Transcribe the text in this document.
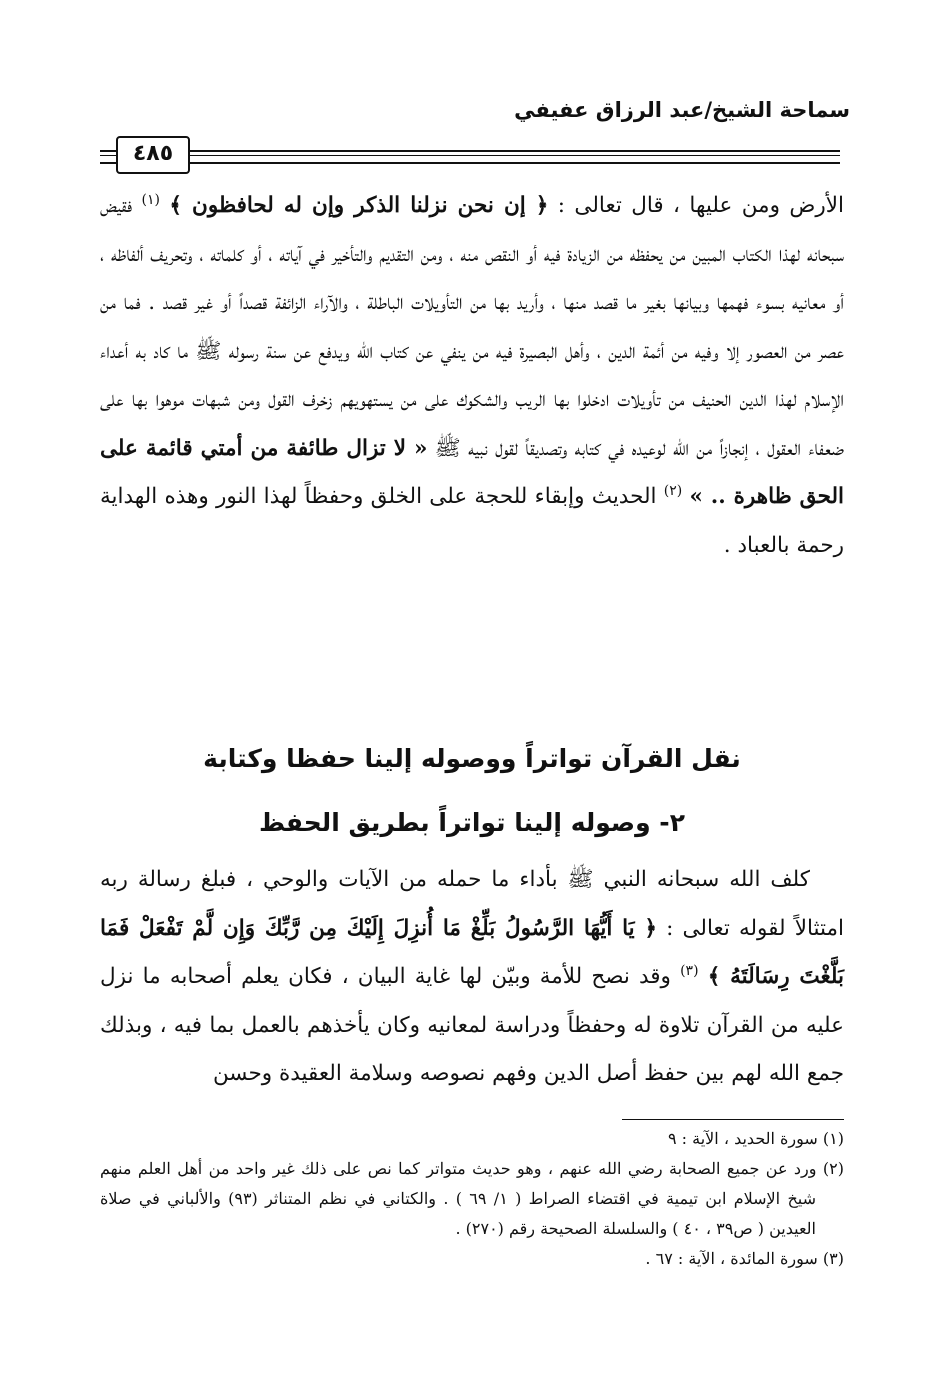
سماحة الشيخ/عبد الرزاق عفيفي
٤٨٥

الأرض ومن عليها ، قال تعالى : ﴿ إن نحن نزلنا الذكر وإن له لحافظون ﴾ $^{(١)}$ فقيض سبحانه لهذا الكتاب المبين من يحفظه من الزيادة فيه أو النقص منه ، ومن التقديم والتأخير في آياته ، أو كلماته ، وتحريف ألفاظه ، أو معانيه بسوء فهمها وبيانها بغير ما قصد منها ، وأريد بها من التأويلات الباطلة ، والآراء الزائفة قصداً أو غير قصد . فما من عصر من العصور إلا وفيه من أئمة الدين ، وأهل البصيرة فيه من ينفي عن كتاب الله ويدفع عن سنة رسوله ﷺ ما كاد به أعداء الإسلام لهذا الدين الحنيف من تأويلات ادخلوا بها الريب والشكوك على من يستهويهم زخرف القول ومن شبهات موهوا بها على ضعفاء العقول ، إنجازاً من الله لوعيده في كتابه وتصديقاً لقول نبيه ﷺ « لا تزال طائفة من أمتي قائمة على الحق ظاهرة .. » $^{(٢)}$ الحديث وإبقاء للحجة على الخلق وحفظاً لهذا النور وهذه الهداية رحمة بالعباد .

نقل القرآن تواتراً ووصوله إلينا حفظا وكتابة
٢- وصوله إلينا تواتراً بطريق الحفظ

كلف الله سبحانه النبي ﷺ بأداء ما حمله من الآيات والوحي ، فبلغ رسالة ربه امتثالاً لقوله تعالى : ﴿ يَا أَيُّهَا الرَّسُولُ بَلِّغْ مَا أُنزِلَ إِلَيْكَ مِن رَّبِّكَ وَإِن لَّمْ تَفْعَلْ فَمَا بَلَّغْتَ رِسَالَتَهُ ﴾ $^{(٣)}$ وقد نصح للأمة وبيّن لها غاية البيان ، فكان يعلم أصحابه ما نزل عليه من القرآن تلاوة له وحفظاً ودراسة لمعانيه وكان يأخذهم بالعمل بما فيه ، وبذلك جمع الله لهم بين حفظ أصل الدين وفهم نصوصه وسلامة العقيدة وحسن

(١) سورة الحديد ، الآية : ٩
(٢) ورد عن جميع الصحابة رضي الله عنهم ، وهو حديث متواتر كما نص على ذلك غير واحد من أهل العلم منهم شيخ الإسلام ابن تيمية في اقتضاء الصراط ( ١/ ٦٩ ) . والكتاني في نظم المتناثر (٩٣) والألباني في صلاة العيدين ( ص٣٩ ، ٤٠ ) والسلسلة الصحيحة رقم (٢٧٠) .
(٣) سورة المائدة ، الآية : ٦٧ .
